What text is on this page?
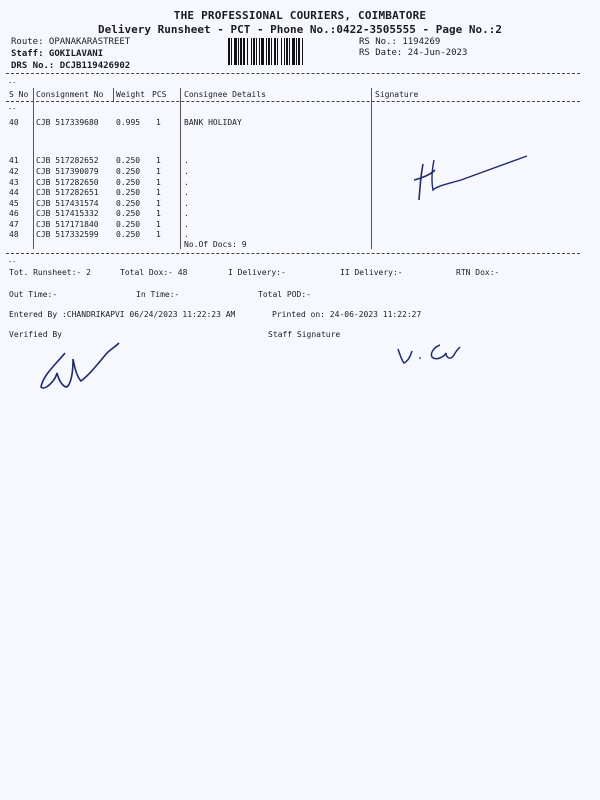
THE PROFESSIONAL COURIERS, COIMBATORE
Delivery Runsheet - PCT - Phone No.:0422-3505555 - Page No.:2
Route: OPANAKARASTREET
Staff: GOKILAVANI
DRS No.: DCJB119426902
RS No.: 1194269
RS Date: 24-Jun-2023
--
S No Consignment No Weight PCS Consignee Details	Signature
--
40 CJB 517339680 0.995 1	BANK HOLIDAY
41 CJB 517282652 0.250 1	.
42 CJB 517390079 0.250 1	.
43 CJB 517282650 0.250 1	.
44 CJB 517282651 0.250 1	.
45 CJB 517431574 0.250 1	.
46 CJB 517415332 0.250 1	.
47 CJB 517171840 0.250 1	.
48 CJB 517332599 0.250 1	.
No.Of Docs: 9
--
Tot. Runsheet:- 2	Total Dox:- 48	I Delivery:-	II Delivery:-	RTN Dox:-
Out Time:-	In Time:-	Total POD:-
Entered By :CHANDRIKAPVI 06/24/2023 11:22:23 AM	Printed on: 24-06-2023 11:22:27
Verified By	Staff Signature
